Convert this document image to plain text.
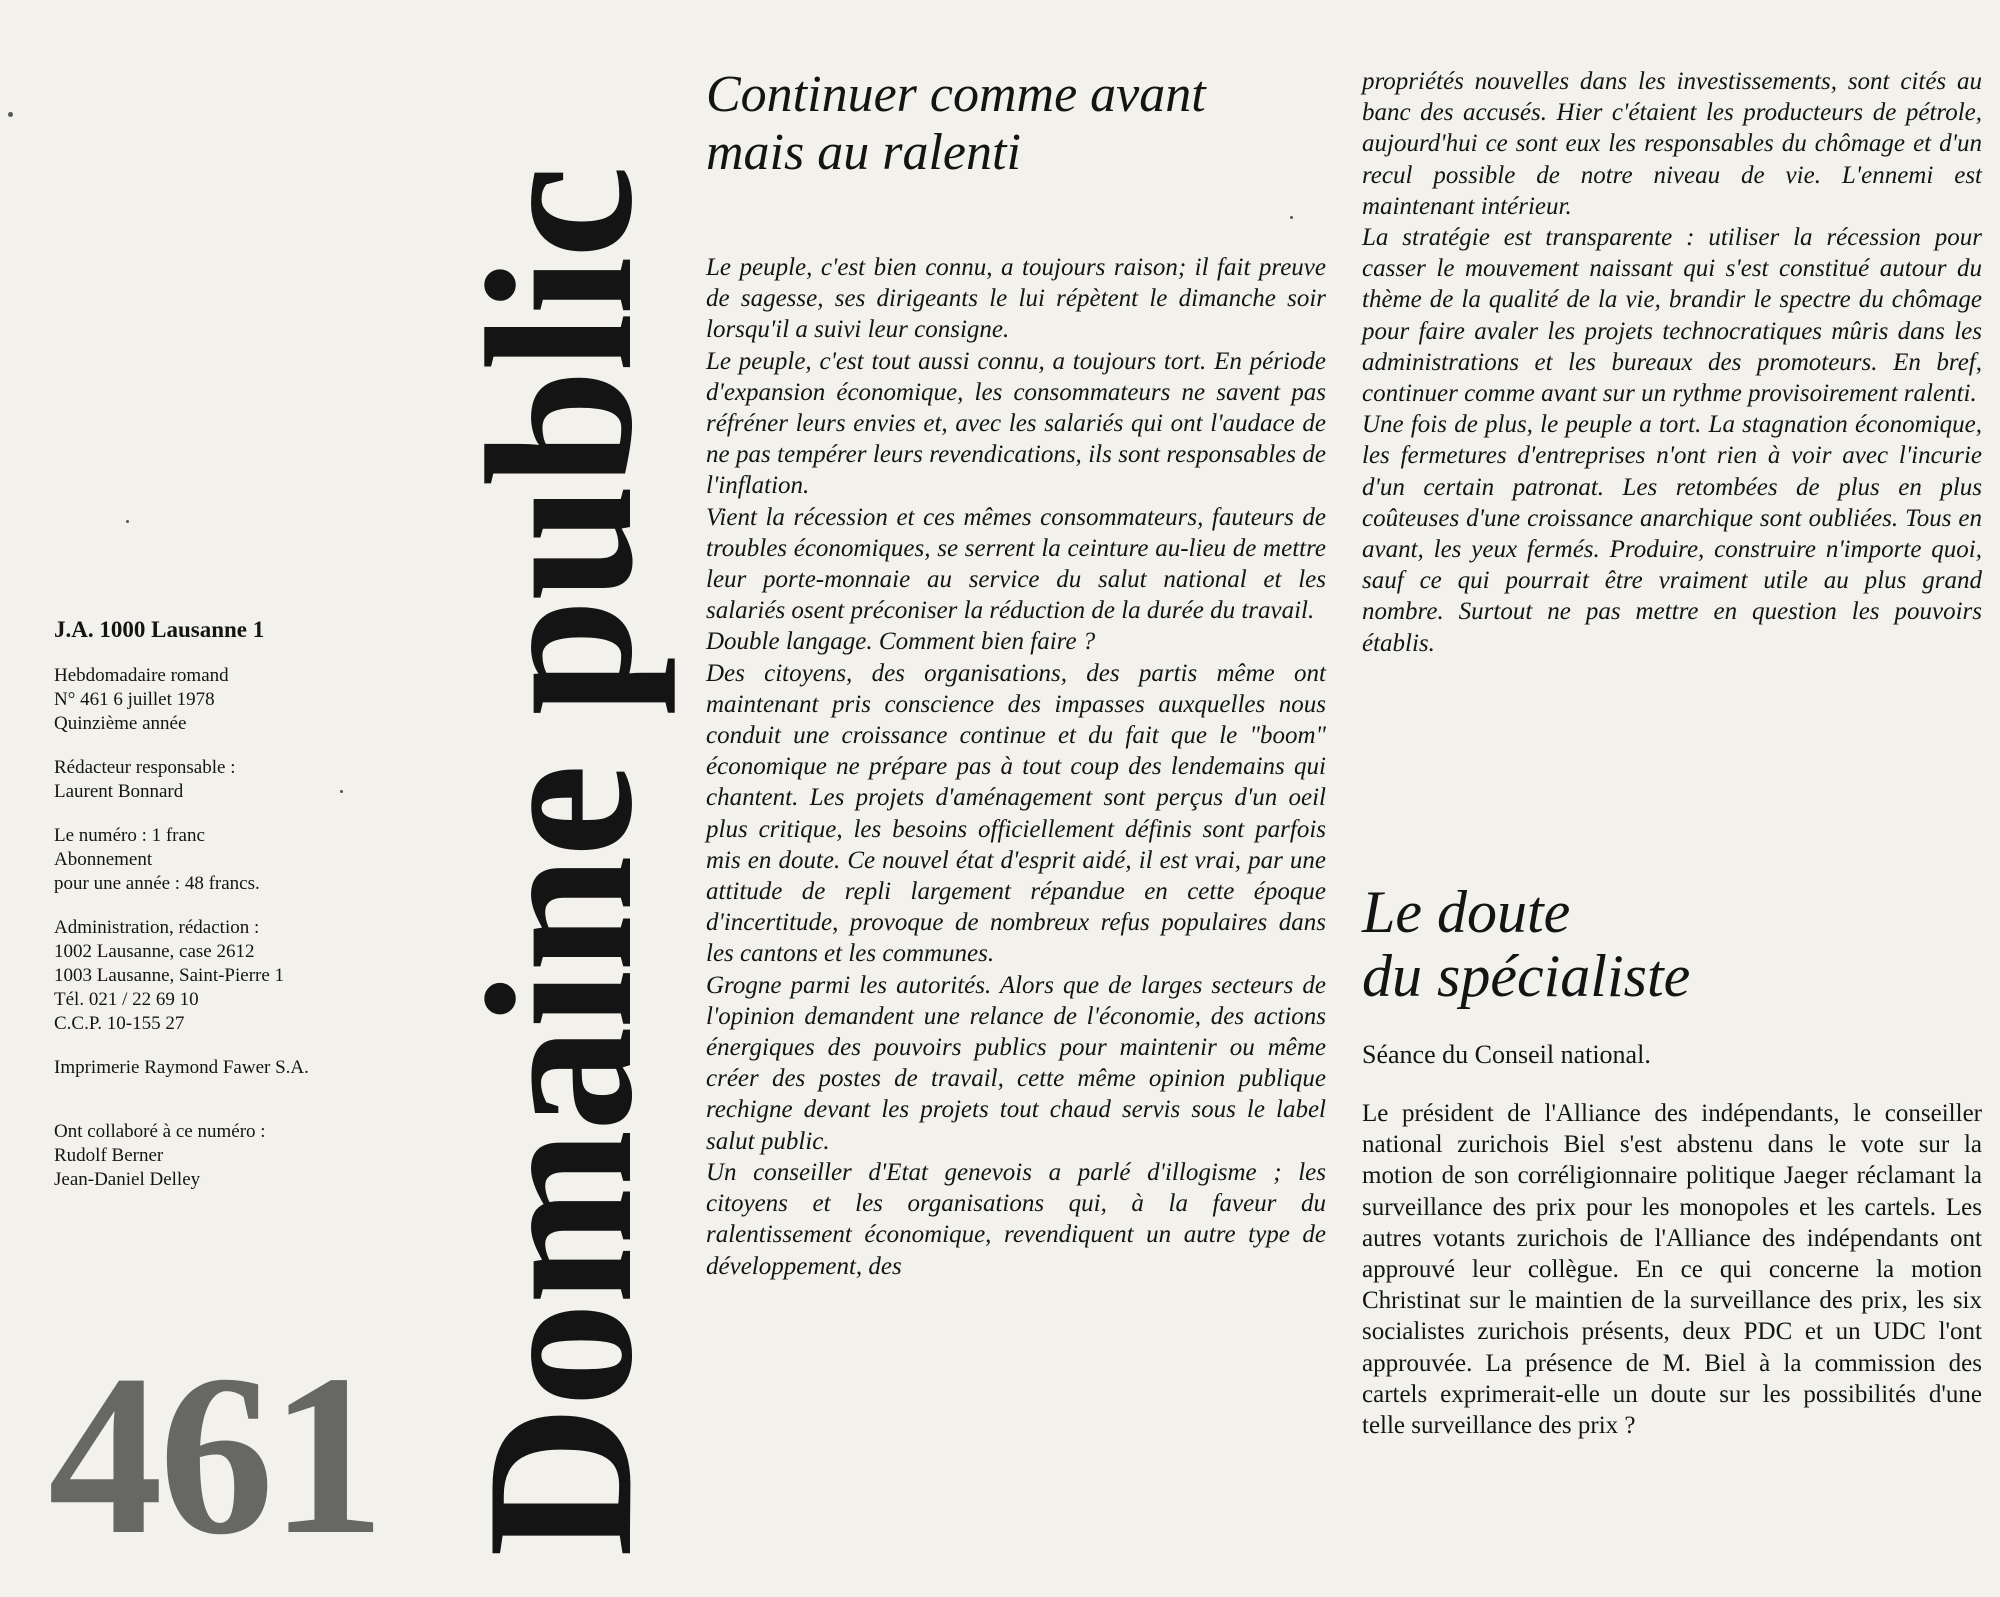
J.A. 1000 Lausanne 1
Hebdomadaire romand
N° 461 6 juillet 1978
Quinzième année
Rédacteur responsable :
Laurent Bonnard
Le numéro : 1 franc
Abonnement
pour une année : 48 francs.
Administration, rédaction :
1002 Lausanne, case 2612
1003 Lausanne, Saint-Pierre 1
Tél. 021 / 22 69 10
C.C.P. 10-155 27
Imprimerie Raymond Fawer S.A.
Ont collaboré à ce numéro :
Rudolf Berner
Jean-Daniel Delley
461 Domaine public
Continuer comme avant
mais au ralenti

Le peuple, c'est bien connu, a toujours raison; il fait preuve de sagesse, ses dirigeants le lui répètent le dimanche soir lorsqu'il a suivi leur consigne.

Le peuple, c'est tout aussi connu, a toujours tort. En période d'expansion économique, les consommateurs ne savent pas réfréner leurs envies et, avec les salariés qui ont l'audace de ne pas tempérer leurs revendications, ils sont responsables de l'inflation.

Vient la récession et ces mêmes consommateurs, fauteurs de troubles économiques, se serrent la ceinture au-lieu de mettre leur porte-monnaie au service du salut national et les salariés osent préconiser la réduction de la durée du travail.

Double langage. Comment bien faire ?

Des citoyens, des organisations, des partis même ont maintenant pris conscience des impasses auxquelles nous conduit une croissance continue et du fait que le "boom" économique ne prépare pas à tout coup des lendemains qui chantent. Les projets d'aménagement sont perçus d'un oeil plus critique, les besoins officiellement définis sont parfois mis en doute. Ce nouvel état d'esprit aidé, il est vrai, par une attitude de repli largement répandue en cette époque d'incertitude, provoque de nombreux refus populaires dans les cantons et les communes.

Grogne parmi les autorités. Alors que de larges secteurs de l'opinion demandent une relance de l'économie, des actions énergiques des pouvoirs publics pour maintenir ou même créer des postes de travail, cette même opinion publique rechigne devant les projets tout chaud servis sous le label salut public.

Un conseiller d'Etat genevois a parlé d'illogisme ; les citoyens et les organisations qui, à la faveur du ralentissement économique, revendiquent un autre type de développement, des

propriétés nouvelles dans les investissements, sont cités au banc des accusés. Hier c'étaient les producteurs de pétrole, aujourd'hui ce sont eux les responsables du chômage et d'un recul possible de notre niveau de vie. L'ennemi est maintenant intérieur.

La stratégie est transparente : utiliser la récession pour casser le mouvement naissant qui s'est constitué autour du thème de la qualité de la vie, brandir le spectre du chômage pour faire avaler les projets technocratiques mûris dans les administrations et les bureaux des promoteurs. En bref, continuer comme avant sur un rythme provisoirement ralenti.

Une fois de plus, le peuple a tort. La stagnation économique, les fermetures d'entreprises n'ont rien à voir avec l'incurie d'un certain patronat. Les retombées de plus en plus coûteuses d'une croissance anarchique sont oubliées. Tous en avant, les yeux fermés. Produire, construire n'importe quoi, sauf ce qui pourrait être vraiment utile au plus grand nombre. Surtout ne pas mettre en question les pouvoirs établis.

Le doute
du spécialiste
Séance du Conseil national.

Le président de l'Alliance des indépendants, le conseiller national zurichois Biel s'est abstenu dans le vote sur la motion de son corréligionnaire politique Jaeger réclamant la surveillance des prix pour les monopoles et les cartels. Les autres votants zurichois de l'Alliance des indépendants ont approuvé leur collègue. En ce qui concerne la motion Christinat sur le maintien de la surveillance des prix, les six socialistes zurichois présents, deux PDC et un UDC l'ont approuvée. La présence de M. Biel à la commission des cartels exprimerait-elle un doute sur les possibilités d'une telle surveillance des prix ?
